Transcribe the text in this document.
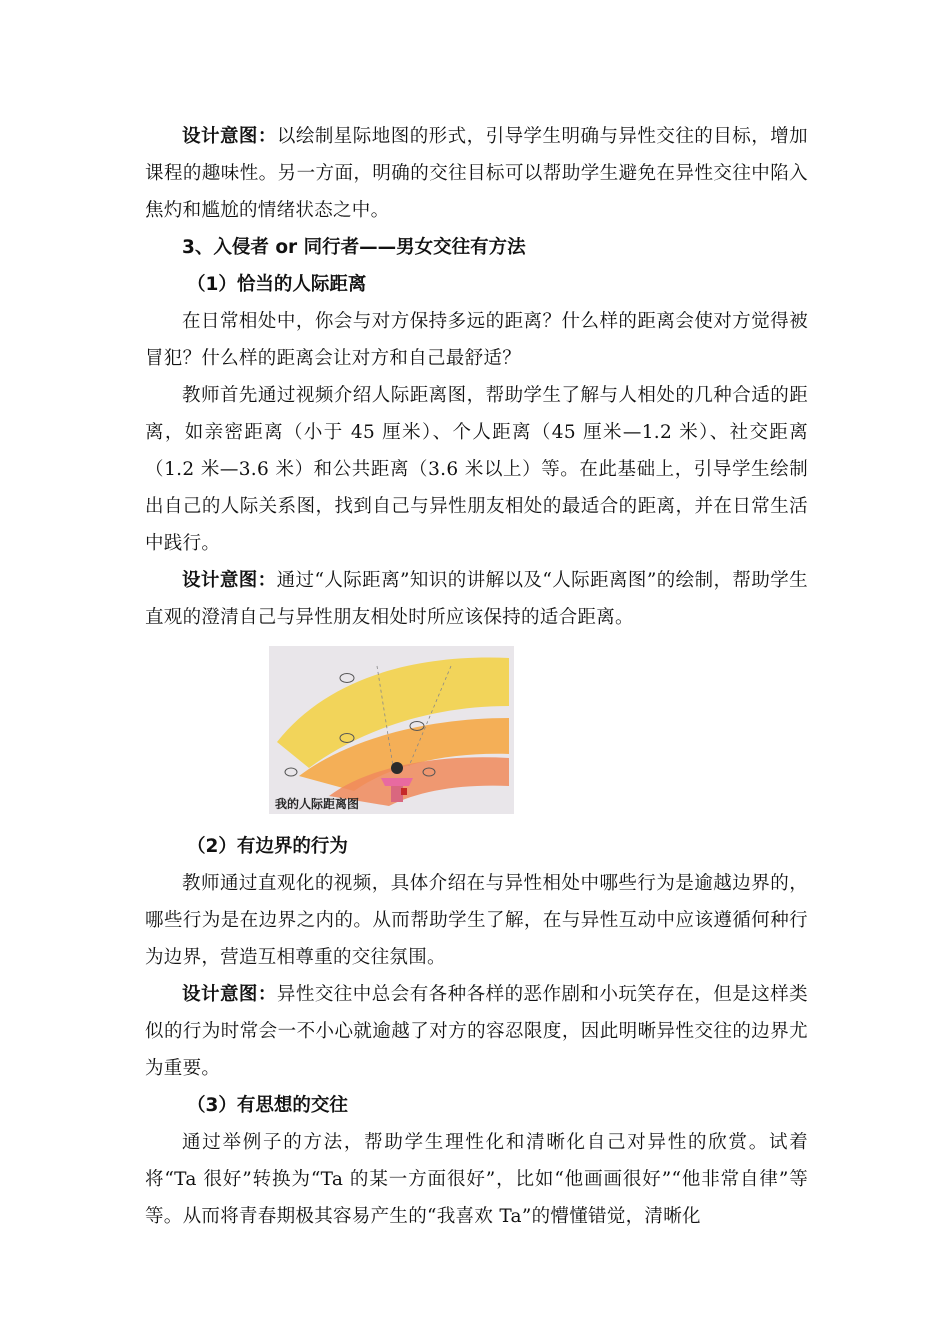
设计意图：以绘制星际地图的形式，引导学生明确与异性交往的目标，增加课程的趣味性。另一方面，明确的交往目标可以帮助学生避免在异性交往中陷入焦灼和尴尬的情绪状态之中。

3、入侵者 or 同行者——男女交往有方法

（1）恰当的人际距离

在日常相处中，你会与对方保持多远的距离？什么样的距离会使对方觉得被冒犯？什么样的距离会让对方和自己最舒适？

教师首先通过视频介绍人际距离图，帮助学生了解与人相处的几种合适的距离，如亲密距离（小于 45 厘米）、个人距离（45 厘米—1.2 米）、社交距离（1.2 米—3.6 米）和公共距离（3.6 米以上）等。在此基础上，引导学生绘制出自己的人际关系图，找到自己与异性朋友相处的最适合的距离，并在日常生活中践行。

设计意图：通过“人际距离”知识的讲解以及“人际距离图”的绘制，帮助学生直观的澄清自己与异性朋友相处时所应该保持的适合距离。

我的人际距离图

（2）有边界的行为

教师通过直观化的视频，具体介绍在与异性相处中哪些行为是逾越边界的，哪些行为是在边界之内的。从而帮助学生了解，在与异性互动中应该遵循何种行为边界，营造互相尊重的交往氛围。

设计意图：异性交往中总会有各种各样的恶作剧和小玩笑存在，但是这样类似的行为时常会一不小心就逾越了对方的容忍限度，因此明晰异性交往的边界尤为重要。

（3）有思想的交往

通过举例子的方法，帮助学生理性化和清晰化自己对异性的欣赏。试着将“Ta 很好”转换为“Ta 的某一方面很好”，比如“他画画很好”“他非常自律”等等。从而将青春期极其容易产生的“我喜欢 Ta”的懵懂错觉，清晰化
